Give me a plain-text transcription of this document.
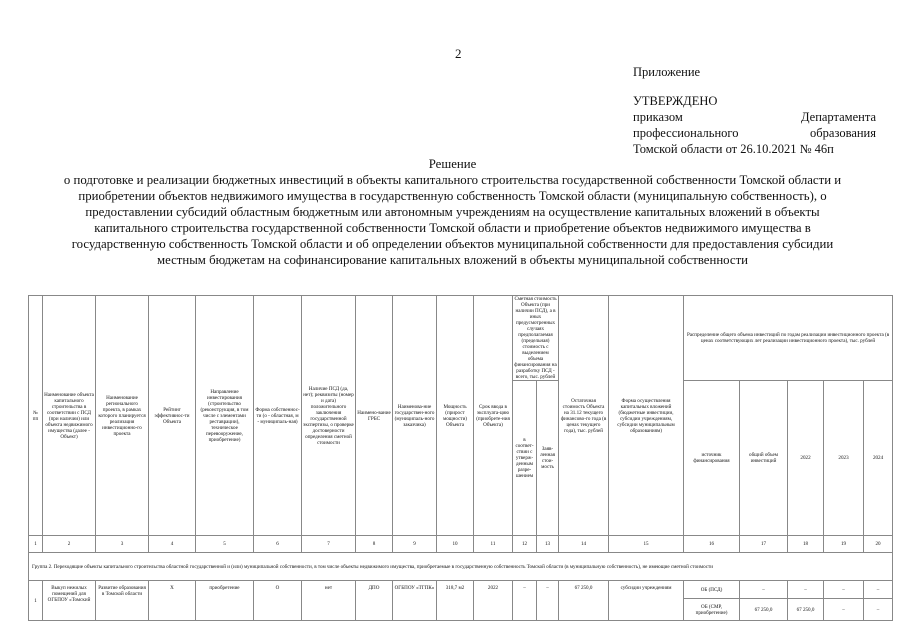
2
Приложение
УТВЕРЖДЕНО
приказом Департамента
профессионального образования
Томской области от 26.10.2021 № 46п
Решение
о подготовке и реализации бюджетных инвестиций в объекты капитального строительства государственной собственности Томской области и приобретении объектов недвижимого имущества в государственную собственность Томской области (муниципальную собственность), о предоставлении субсидий областным бюджетным или автономным учреждениям на осуществление капитальных вложений в объекты капитального строительства государственной собственности Томской области и приобретение объектов недвижимого имущества в государственную собственность Томской области и об определении объектов муниципальной собственности для предоставления субсидии местным бюджетам на софинансирование капитальных вложений в объекты муниципальной собственности
№ пп	Наименование объекта капитального строительства в соответствии с ПСД (при наличии) или объекта недвижимого имущества (далее - Объект)	Наименование регионального проекта, в рамках которого планируется реализация инвестиционно-го проекта	Рейтинг эффективнос-ти Объекта	Направление инвестирования (строительство (реконструкция, в том числе с элементами реставрации), техническое перевооружение, приобретение)	Форма собственнос-ти (о - областная, м - муниципаль-ная)	Наличие ПСД (да, нет); реквизиты (номер и дата) положительного заключения государственной экспертизы, о проверке достоверности определения сметной стоимости	Наимено-вание ГРБС	Наименова-ние государствен-ного (муниципаль-ного заказчика)	Мощность (прирост мощности) Объекта	Срок ввода в эксплуата-цию (приобрете-ния Объекта)	Сметная стоимость Объекта (при наличии ПСД), а в иных предусмотренных случаях предполагаемая (предельная) стоимость с выделением объема финансирования на разработку ПСД - всего, тыс. рублей		Остаточная стоимость Объекта на 31.12 текущего финансово-го года (в ценах текущего года), тыс. рублей	Форма осуществления капитальных вложений (бюджетные инвестиции, субсидии учреждениям, субсидии муниципальным образованиям)	Распределение общего объема инвестиций по годам реализации инвестиционного проекта (в ценах соответствующих лет реализации инвестиционного проекта), тыс. рублей				
											в соответ-ствии с утверж-денным разре-шением	Заяв-ленная стои-мость			источник финансирования	общий объем инвестиций	2022	2023	2024
1	2	3	4	5	6	7	8	9	10	11	12	13	14	15	16	17	18	19	20
Группа 2. Переходящие объекты капитального строительства областной государственной и (или) муниципальной собственности, в том числе объекты недвижимого имущества, приобретаемые в государственную собственность Томской области (в муниципальную собственность), не имеющие сметной стоимости																			
1	Выкуп нежилых помещений для ОГБПОУ «Томский	Развитие образования в Томской области	Х	приобретение	О	нет	ДПО	ОГБПОУ «ТГПК»	318,7 м2	2022	–	–	67 250,0	субсидии учреждениям	ОБ (ПСД)	–	–	–	–
															ОБ (СМР, приобретение)	67 250,0	67 250,0	–	–
